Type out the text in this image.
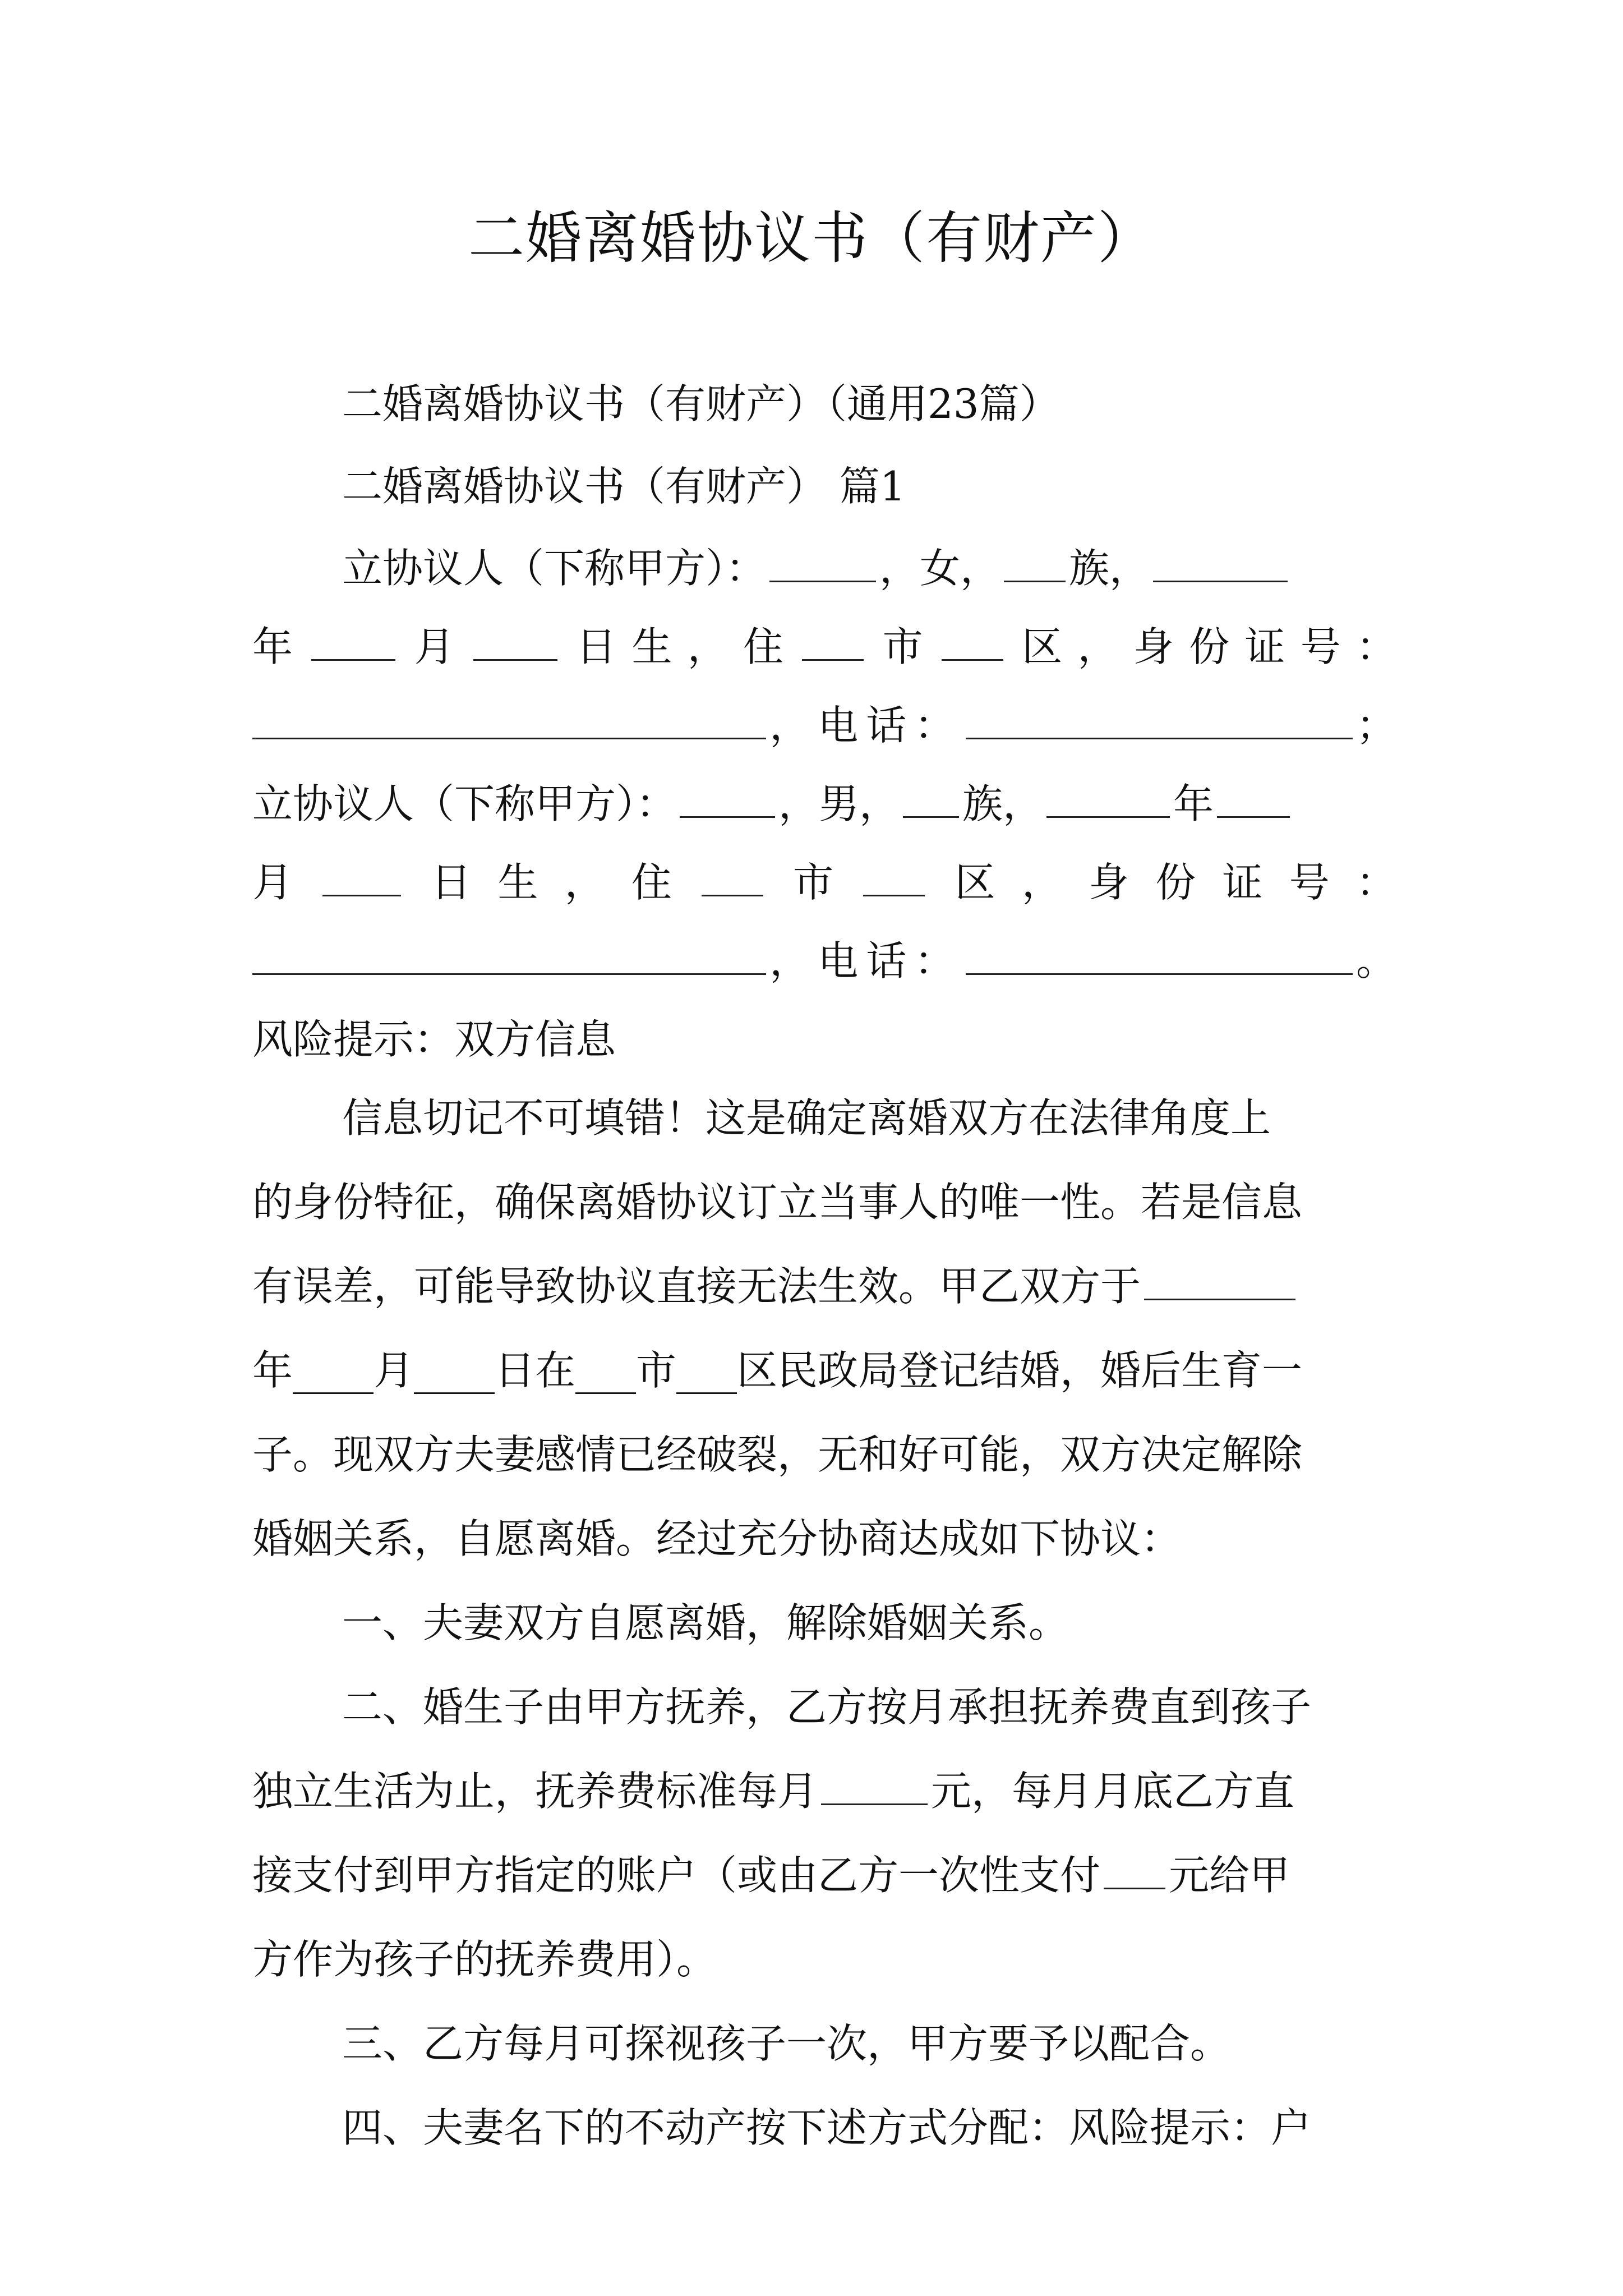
二婚离婚协议书（有财产）
二婚离婚协议书（有财产）（通用23篇）
二婚离婚协议书（有财产） 篇1
立协议人（下称甲方）：	，女， 族，
年	月	日 生 ， 住 市 区 ， 身 份 证 号 ：
，电话：	；
立协议人（下称甲方）：	，男， 族，	年
月	日 生 ， 住	市	区 ， 身 份 证 号 ：
，电话：	。
风险提示：双方信息
信息切记不可填错！这是确定离婚双方在法律角度上
的身份特征，确保离婚协议订立当事人的唯一性。若是信息
有误差，可能导致协议直接无法生效。甲乙双方于
年____月____日在___市___区民政局登记结婚，婚后生育一
子。现双方夫妻感情已经破裂，无和好可能，双方决定解除
婚姻关系，自愿离婚。经过充分协商达成如下协议：
一、夫妻双方自愿离婚，解除婚姻关系。
二、婚生子由甲方抚养，乙方按月承担抚养费直到孩子
独立生活为止，抚养费标准每月	元，每月月底乙方直
接支付到甲方指定的账户（或由乙方一次性支付 元给甲
方作为孩子的抚养费用）。
三、乙方每月可探视孩子一次，甲方要予以配合。
四、夫妻名下的不动产按下述方式分配：风险提示：户
